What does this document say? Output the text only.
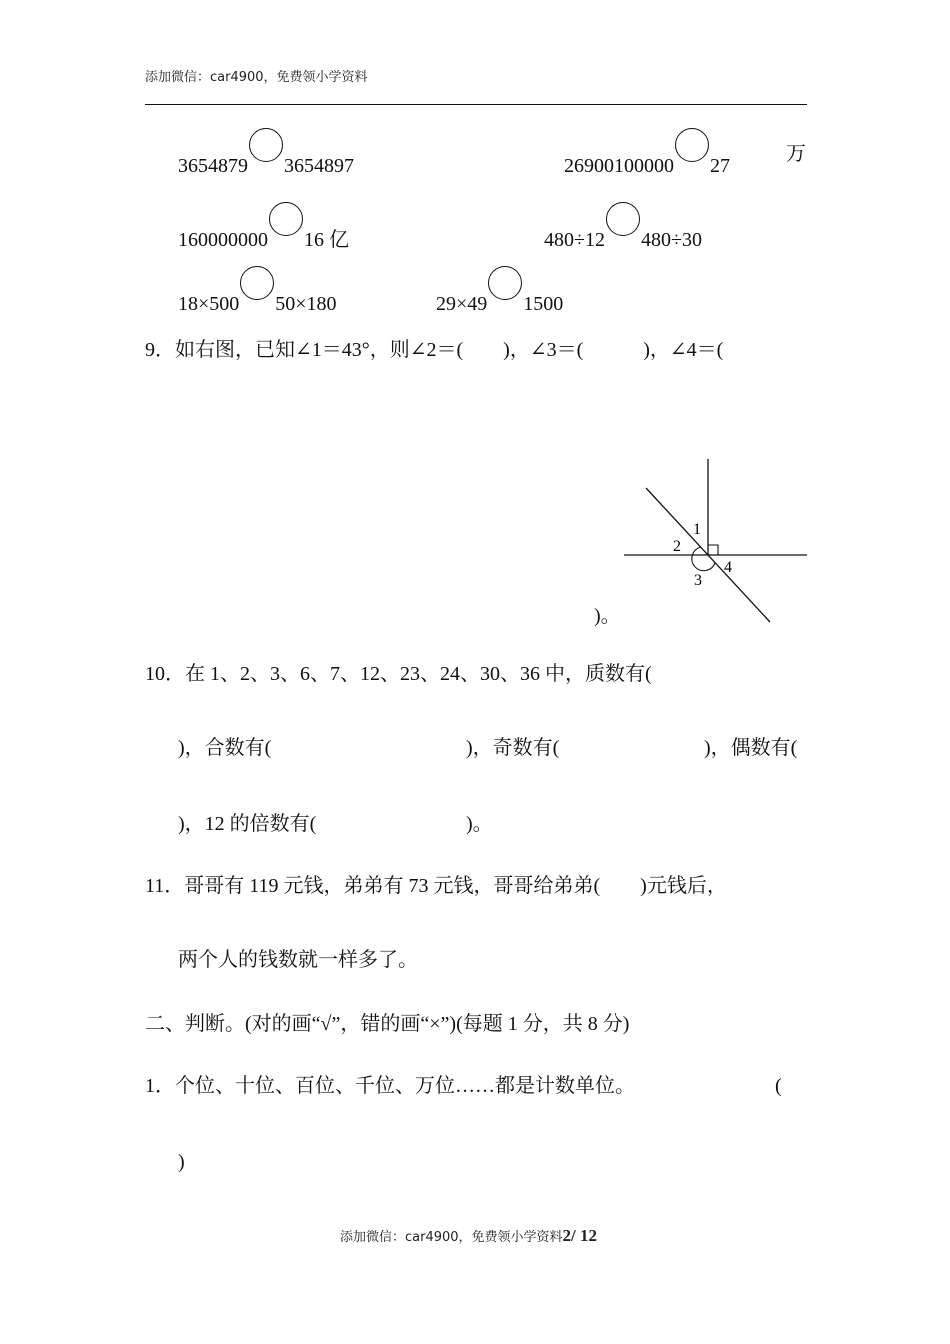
添加微信：car4900，免费领小学资料
3654879 3654897	26900100000 27
万
160000000 16 亿	480÷12 480÷30
18×500 50×180	29×49 1500
9．如右图，已知∠1＝43°，则∠2＝(　　)，∠3＝(　　　)，∠4＝(
1
2
3
4
)。
10．在 1、2、3、6、7、12、23、24、30、36 中，质数有(
)，合数有(	)，奇数有(	)，偶数有(
)，12 的倍数有(	)。
11．哥哥有 119 元钱，弟弟有 73 元钱，哥哥给弟弟(　　)元钱后，
两个人的钱数就一样多了。
二、判断。(对的画“√”，错的画“×”)(每题 1 分，共 8 分)
1．个位、十位、百位、千位、万位……都是计数单位。	(
)
添加微信：car4900，免费领小学资料2/ 12
